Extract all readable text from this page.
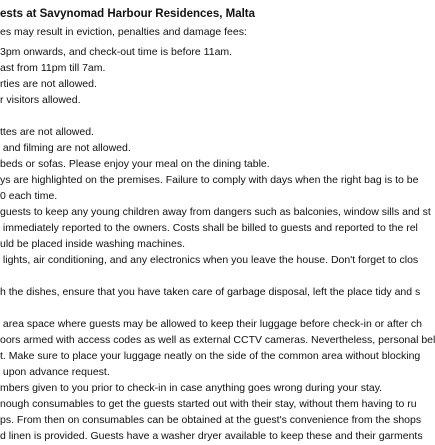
ests at Savynomad Harbour Residences, Malta
es may result in eviction, penalties and damage fees:
3pm onwards, and check-out time is before 11am.
ast from 11pm till 7am.
rties are not allowed.
r visitors allowed.
ttes are not allowed.
and filming are not allowed.
beds or sofas. Please enjoy your meal on the dining table.
ys are highlighted on the premises. Failure to comply with days when the right bag is to be
0 each time.
guests to keep any young children away from dangers such as balconies, window sills and st
immediately reported to the owners. Costs shall be billed to guests and reported to the rel
uld be placed inside washing machines.
lights, air conditioning, and any electronics when you leave the house. Don't forget to clos
h the dishes, ensure that you have taken care of garbage disposal, left the place tidy and s
area space where guests may be allowed to keep their luggage before check-in or after ch
oors armed with access codes as well as external CCTV cameras. Nevertheless, personal bel
t. Make sure to place your luggage neatly on the side of the common area without blocking
upon advance request.
mbers given to you prior to check-in in case anything goes wrong during your stay.
nough consumables to get the guests started out with their stay, without them having to ru
ps. From then on consumables can be obtained at the guest's convenience from the shops
d linen is provided. Guests have a washer dryer available to keep these and their garments
